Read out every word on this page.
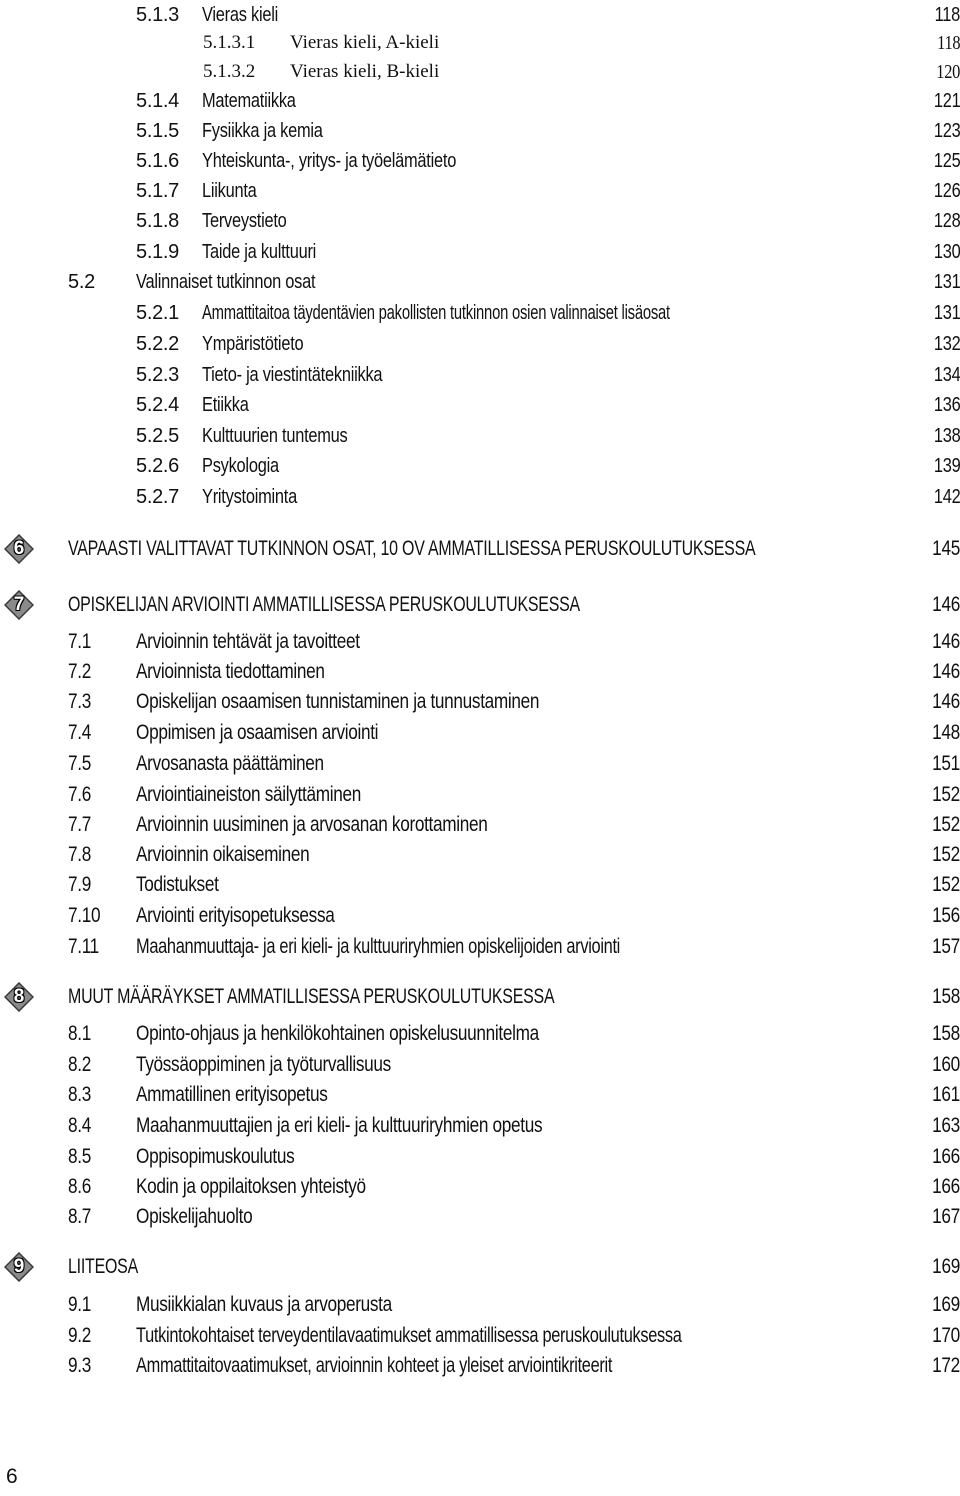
5.1.3 Vieras kieli	118
5.1.3.1 Vieras kieli, A-kieli	118
5.1.3.2 Vieras kieli, B-kieli	120
5.1.4 Matematiikka	121
5.1.5 Fysiikka ja kemia	123
5.1.6 Yhteiskunta-, yritys- ja työelämätieto	125
5.1.7 Liikunta	126
5.1.8 Terveystieto	128
5.1.9 Taide ja kulttuuri	130
5.2 Valinnaiset tutkinnon osat	131
5.2.1 Ammattitaitoa täydentävien pakollisten tutkinnon osien valinnaiset lisäosat	131
5.2.2 Ympäristötieto	132
5.2.3 Tieto- ja viestintätekniikka	134
5.2.4 Etiikka	136
5.2.5 Kulttuurien tuntemus	138
5.2.6 Psykologia	139
5.2.7 Yritystoiminta	142
6	VAPAASTI VALITTAVAT TUTKINNON OSAT, 10 OV AMMATILLISESSA PERUSKOULUTUKSESSA	145
7	OPISKELIJAN ARVIOINTI AMMATILLISESSA PERUSKOULUTUKSESSA	146
7.1 Arvioinnin tehtävät ja tavoitteet	146
7.2 Arvioinnista tiedottaminen	146
7.3 Opiskelijan osaamisen tunnistaminen ja tunnustaminen	146
7.4 Oppimisen ja osaamisen arviointi	148
7.5 Arvosanasta päättäminen	151
7.6 Arviointiaineiston säilyttäminen	152
7.7 Arvioinnin uusiminen ja arvosanan korottaminen	152
7.8 Arvioinnin oikaiseminen	152
7.9 Todistukset	152
7.10	Arviointi erityisopetuksessa	156
7.11	Maahanmuuttaja- ja eri kieli- ja kulttuuriryhmien opiskelijoiden arviointi	157
8	MUUT MÄÄRÄYKSET AMMATILLISESSA PERUSKOULUTUKSESSA	158
8.1 Opinto-ohjaus ja henkilökohtainen opiskelusuunnitelma	158
8.2 Työssäoppiminen ja työturvallisuus	160
8.3 Ammatillinen erityisopetus	161
8.4 Maahanmuuttajien ja eri kieli- ja kulttuuriryhmien opetus	163
8.5 Oppisopimuskoulutus	166
8.6 Kodin ja oppilaitoksen yhteistyö	166
8.7 Opiskelijahuolto	167
9	LIITEOSA	169
9.1 Musiikkialan kuvaus ja arvoperusta	169
9.2 Tutkintokohtaiset terveydentilavaatimukset ammatillisessa peruskoulutuksessa	170
9.3 Ammattitaitovaatimukset, arvioinnin kohteet ja yleiset arviointikriteerit	172
6
